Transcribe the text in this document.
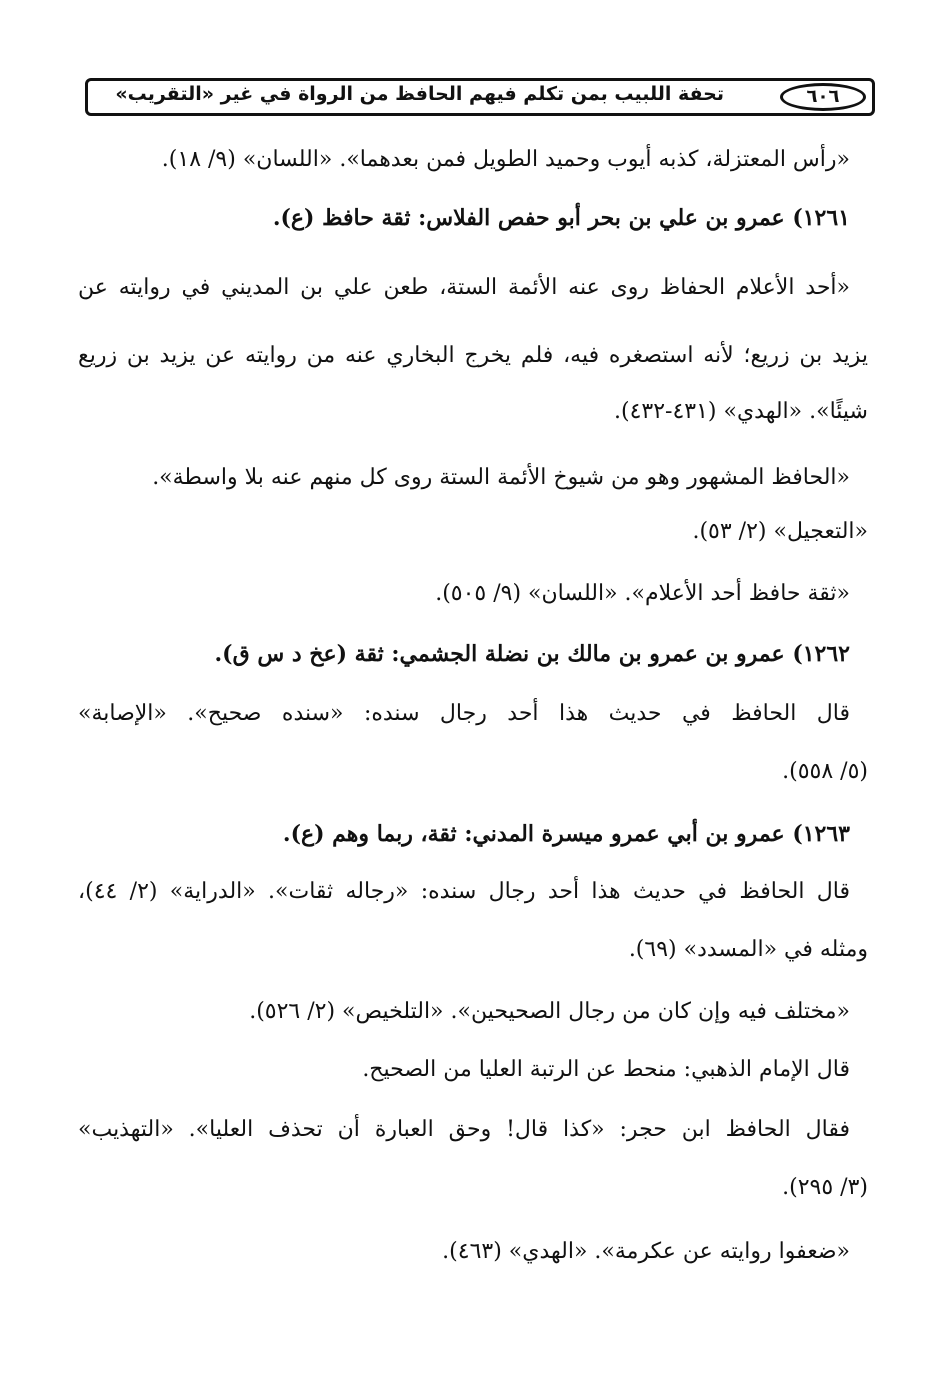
تحفة اللبيب بمن تكلم فيهم الحافظ من الرواة في غير «التقريب»	٦٠٦
«رأس المعتزلة، كذبه أيوب وحميد الطويل فمن بعدهما». «اللسان» (٩/ ١٨).
١٢٦١) عمرو بن علي بن بحر أبو حفص الفلاس: ثقة حافظ (ع).
«أحد الأعلام الحفاظ روى عنه الأئمة الستة، طعن علي بن المديني في روايته عن
يزيد بن زريع؛ لأنه استصغره فيه، فلم يخرج البخاري عنه من روايته عن يزيد بن زريع
شيئًا». «الهدي» (٤٣١-٤٣٢).
«الحافظ المشهور وهو من شيوخ الأئمة الستة روى كل منهم عنه بلا واسطة».
«التعجيل» (٢/ ٥٣).
«ثقة حافظ أحد الأعلام». «اللسان» (٩/ ٥٠٥).
١٢٦٢) عمرو بن عمرو بن مالك بن نضلة الجشمي: ثقة (عخ د س ق).
قال الحافظ في حديث هذا أحد رجال سنده: «سنده صحيح». «الإصابة»
(٥/ ٥٥٨).
١٢٦٣) عمرو بن أبي عمرو ميسرة المدني: ثقة، ربما وهم (ع).
قال الحافظ في حديث هذا أحد رجال سنده: «رجاله ثقات». «الدراية» (٢/ ٤٤)،
ومثله في «المسدد» (٦٩).
«مختلف فيه وإن كان من رجال الصحيحين». «التلخيص» (٢/ ٥٢٦).
قال الإمام الذهبي: منحط عن الرتبة العليا من الصحيح.
فقال الحافظ ابن حجر: «كذا قال! وحق العبارة أن تحذف العليا». «التهذيب»
(٣/ ٢٩٥).
«ضعفوا روايته عن عكرمة». «الهدي» (٤٦٣).
